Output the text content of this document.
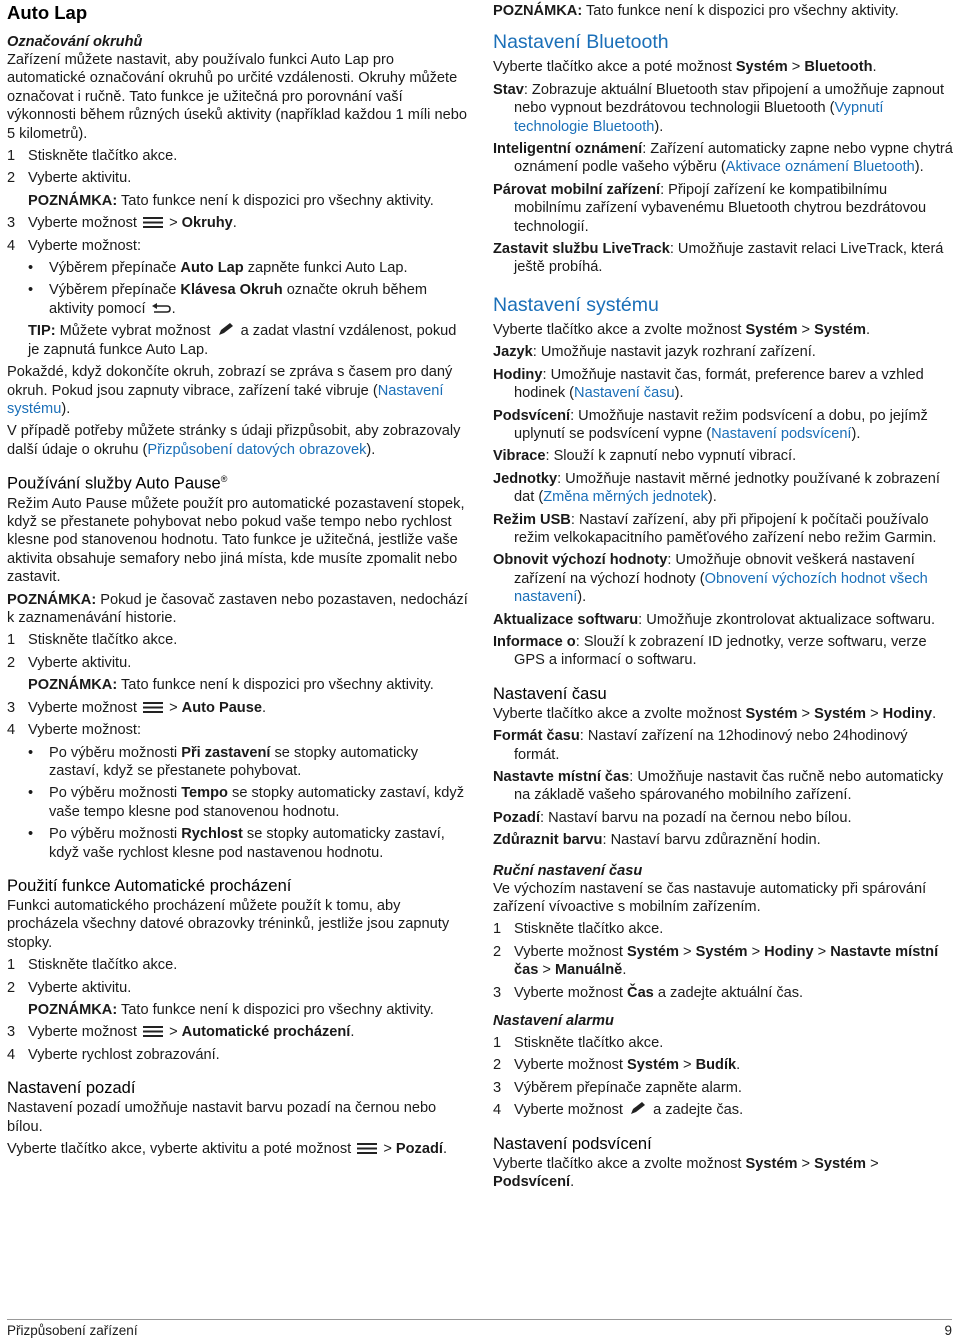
Auto Lap
Označování okruhů

Zařízení můžete nastavit, aby používalo funkci Auto Lap pro automatické označování okruhů po určité vzdálenosti. Okruhy můžete označovat i ručně. Tato funkce je užitečná pro porovnání vaší výkonnosti během různých úseků aktivity (například každou 1 míli nebo 5 kilometrů).

1 Stiskněte tlačítko akce.
2 Vyberte aktivitu.
POZNÁMKA: Tato funkce není k dispozici pro všechny aktivity.
3 Vyberte možnost  > Okruhy.
4 Vyberte možnost:
• Výběrem přepínače Auto Lap zapněte funkci Auto Lap.
• Výběrem přepínače Klávesa Okruh označte okruh během aktivity pomocí .
TIP: Můžete vybrat možnost  a zadat vlastní vzdálenost, pokud je zapnutá funkce Auto Lap.

Pokaždé, když dokončíte okruh, zobrazí se zpráva s časem pro daný okruh. Pokud jsou zapnuty vibrace, zařízení také vibruje (Nastavení systému).

V případě potřeby můžete stránky s údaji přizpůsobit, aby zobrazovaly další údaje o okruhu (Přizpůsobení datových obrazovek).

Používání služby Auto Pause®

Režim Auto Pause můžete použít pro automatické pozastavení stopek, když se přestanete pohybovat nebo pokud vaše tempo nebo rychlost klesne pod stanovenou hodnotu. Tato funkce je užitečná, jestliže vaše aktivita obsahuje semafory nebo jiná místa, kde musíte zpomalit nebo zastavit.

POZNÁMKA: Pokud je časovač zastaven nebo pozastaven, nedochází k zaznamenávání historie.

1 Stiskněte tlačítko akce.
2 Vyberte aktivitu.
POZNÁMKA: Tato funkce není k dispozici pro všechny aktivity.
3 Vyberte možnost  > Auto Pause.
4 Vyberte možnost:
• Po výběru možnosti Při zastavení se stopky automaticky zastaví, když se přestanete pohybovat.
• Po výběru možnosti Tempo se stopky automaticky zastaví, když vaše tempo klesne pod stanovenou hodnotu.
• Po výběru možnosti Rychlost se stopky automaticky zastaví, když vaše rychlost klesne pod nastavenou hodnotu.
Použití funkce Automatické procházení

Funkci automatického procházení můžete použít k tomu, aby procházela všechny datové obrazovky tréninků, jestliže jsou zapnuty stopky.

1 Stiskněte tlačítko akce.
2 Vyberte aktivitu.
POZNÁMKA: Tato funkce není k dispozici pro všechny aktivity.
3 Vyberte možnost  > Automatické procházení.
4 Vyberte rychlost zobrazování.
Nastavení pozadí

Nastavení pozadí umožňuje nastavit barvu pozadí na černou nebo bílou.

Vyberte tlačítko akce, vyberte aktivitu a poté možnost  > Pozadí.

POZNÁMKA: Tato funkce není k dispozici pro všechny aktivity.

Nastavení Bluetooth

Vyberte tlačítko akce a poté možnost Systém > Bluetooth.

Stav: Zobrazuje aktuální Bluetooth stav připojení a umožňuje zapnout nebo vypnout bezdrátovou technologii Bluetooth (Vypnutí technologie Bluetooth).
Inteligentní oznámení: Zařízení automaticky zapne nebo vypne chytrá oznámení podle vašeho výběru (Aktivace oznámení Bluetooth).
Párovat mobilní zařízení: Připojí zařízení ke kompatibilnímu mobilnímu zařízení vybavenému Bluetooth chytrou bezdrátovou technologií.
Zastavit službu LiveTrack: Umožňuje zastavit relaci LiveTrack, která ještě probíhá.
Nastavení systému

Vyberte tlačítko akce a zvolte možnost Systém > Systém.

Jazyk: Umožňuje nastavit jazyk rozhraní zařízení.
Hodiny: Umožňuje nastavit čas, formát, preference barev a vzhled hodinek (Nastavení času).
Podsvícení: Umožňuje nastavit režim podsvícení a dobu, po jejímž uplynutí se podsvícení vypne (Nastavení podsvícení).
Vibrace: Slouží k zapnutí nebo vypnutí vibrací.
Jednotky: Umožňuje nastavit měrné jednotky používané k zobrazení dat (Změna měrných jednotek).
Režim USB: Nastaví zařízení, aby při připojení k počítači používalo režim velkokapacitního paměťového zařízení nebo režim Garmin.
Obnovit výchozí hodnoty: Umožňuje obnovit veškerá nastavení zařízení na výchozí hodnoty (Obnovení výchozích hodnot všech nastavení).
Aktualizace softwaru: Umožňuje zkontrolovat aktualizace softwaru.
Informace o: Slouží k zobrazení ID jednotky, verze softwaru, verze GPS a informací o softwaru.
Nastavení času

Vyberte tlačítko akce a zvolte možnost Systém > Systém > Hodiny.

Formát času: Nastaví zařízení na 12hodinový nebo 24hodinový formát.
Nastavte místní čas: Umožňuje nastavit čas ručně nebo automaticky na základě vašeho spárovaného mobilního zařízení.
Pozadí: Nastaví barvu na pozadí na černou nebo bílou.
Zdůraznit barvu: Nastaví barvu zdůraznění hodin.
Ruční nastavení času

Ve výchozím nastavení se čas nastavuje automaticky při spárování zařízení vívoactive s mobilním zařízením.

1 Stiskněte tlačítko akce.
2 Vyberte možnost Systém > Systém > Hodiny > Nastavte místní čas > Manuálně.
3 Vyberte možnost Čas a zadejte aktuální čas.
Nastavení alarmu
1 Stiskněte tlačítko akce.
2 Vyberte možnost Systém > Budík.
3 Výběrem přepínače zapněte alarm.
4 Vyberte možnost  a zadejte čas.
Nastavení podsvícení

Vyberte tlačítko akce a zvolte možnost Systém > Systém > Podsvícení.

Přizpůsobení zařízení	9
